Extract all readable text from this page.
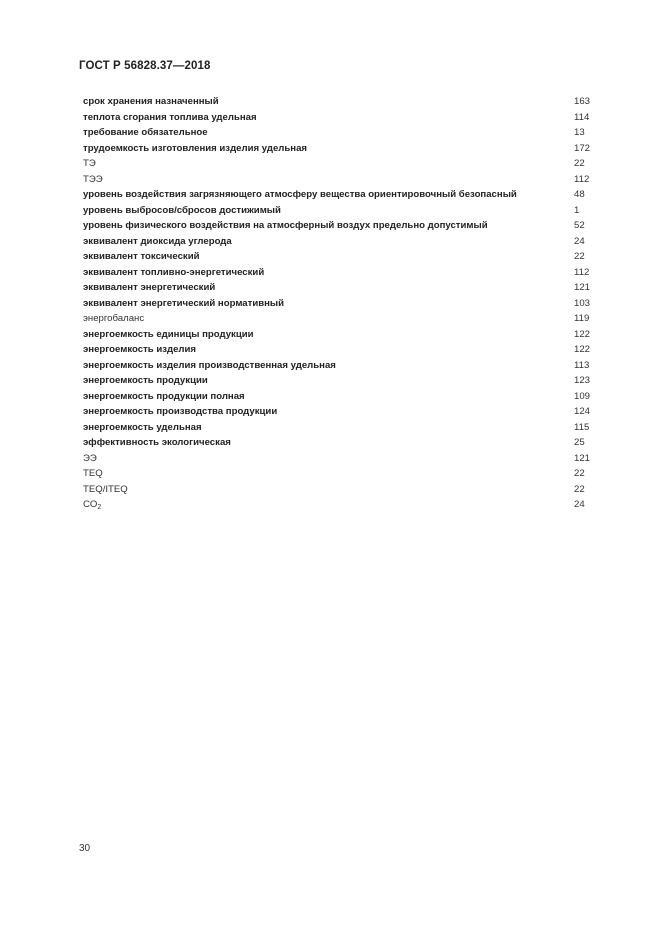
ГОСТ Р 56828.37—2018
срок хранения назначенный	163
теплота сгорания топлива удельная	114
требование обязательное	13
трудоемкость изготовления изделия удельная	172
ТЭ	22
ТЭЭ	112
уровень воздействия загрязняющего атмосферу вещества ориентировочный безопасный	48
уровень выбросов/сбросов достижимый	1
уровень физического воздействия на атмосферный воздух предельно допустимый	52
эквивалент диоксида углерода	24
эквивалент токсический	22
эквивалент топливно-энергетический	112
эквивалент энергетический	121
эквивалент энергетический нормативный	103
энергобаланс	119
энергоемкость единицы продукции	122
энергоемкость изделия	122
энергоемкость изделия производственная удельная	113
энергоемкость продукции	123
энергоемкость продукции полная	109
энергоемкость производства продукции	124
энергоемкость удельная	115
эффективность экологическая	25
ЭЭ	121
TEQ	22
TEQ/ITEQ	22
$CO_2$	24
30
